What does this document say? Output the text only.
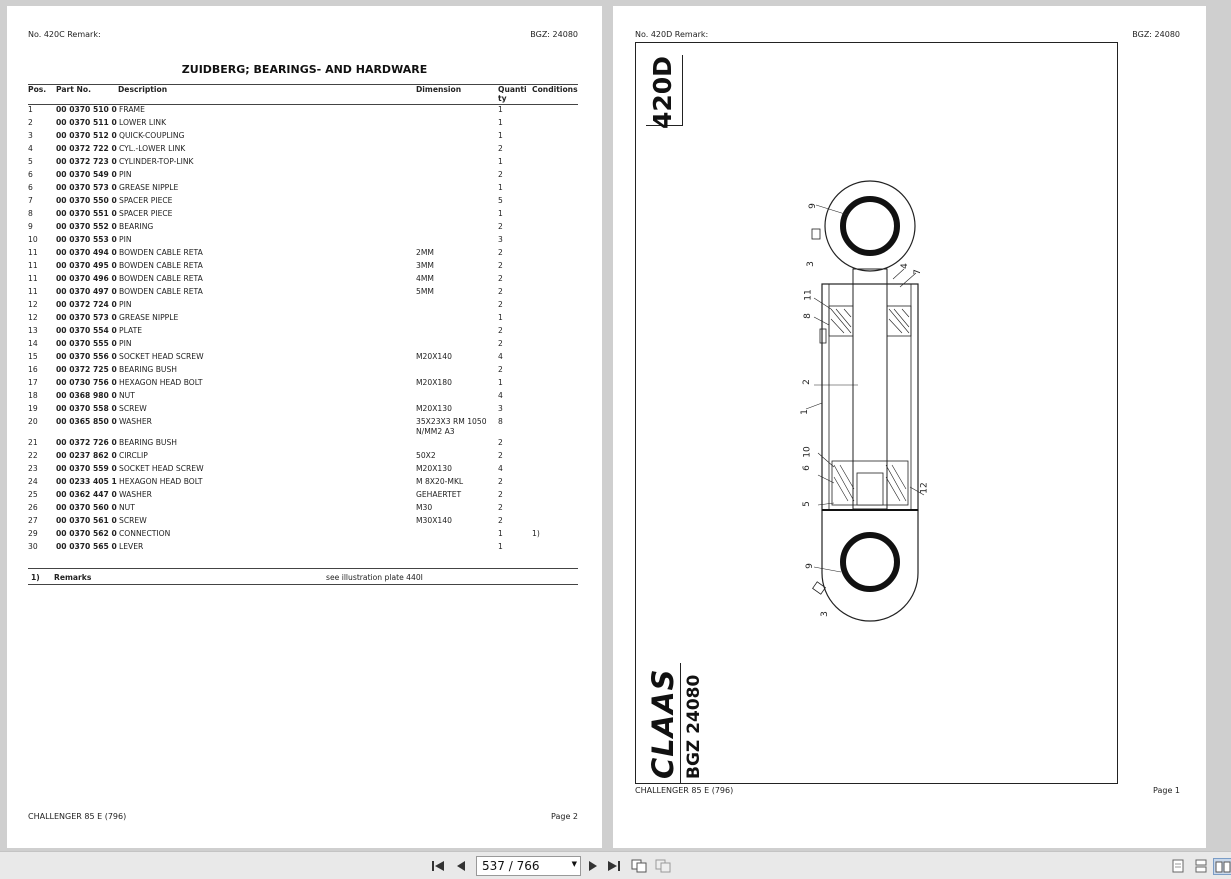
No. 420C Remark:	BGZ: 24080
ZUIDBERG; BEARINGS- AND HARDWARE
Pos.	Part No.	Description	Dimension	Quanti ty	Conditions
1	00 0370 510 0	FRAME		1	
2	00 0370 511 0	LOWER LINK		1	
3	00 0370 512 0	QUICK-COUPLING		1	
4	00 0372 722 0	CYL.-LOWER LINK		2	
5	00 0372 723 0	CYLINDER-TOP-LINK		1	
6	00 0370 549 0	PIN		2	
6	00 0370 573 0	GREASE NIPPLE		1	
7	00 0370 550 0	SPACER PIECE		5	
8	00 0370 551 0	SPACER PIECE		1	
9	00 0370 552 0	BEARING		2	
10	00 0370 553 0	PIN		3	
11	00 0370 494 0	BOWDEN CABLE RETA	2MM	2	
11	00 0370 495 0	BOWDEN CABLE RETA	3MM	2	
11	00 0370 496 0	BOWDEN CABLE RETA	4MM	2	
11	00 0370 497 0	BOWDEN CABLE RETA	5MM	2	
12	00 0372 724 0	PIN		2	
12	00 0370 573 0	GREASE NIPPLE		1	
13	00 0370 554 0	PLATE		2	
14	00 0370 555 0	PIN		2	
15	00 0370 556 0	SOCKET HEAD SCREW	M20X140	4	
16	00 0372 725 0	BEARING BUSH		2	
17	00 0730 756 0	HEXAGON HEAD BOLT	M20X180	1	
18	00 0368 980 0	NUT		4	
19	00 0370 558 0	SCREW	M20X130	3	
20	00 0365 850 0	WASHER	35X23X3 RM 1050 N/MM2 A3	8	
21	00 0372 726 0	BEARING BUSH		2	
22	00 0237 862 0	CIRCLIP	50X2	2	
23	00 0370 559 0	SOCKET HEAD SCREW	M20X130	4	
24	00 0233 405 1	HEXAGON HEAD BOLT	M 8X20-MKL	2	
25	00 0362 447 0	WASHER	GEHAERTET	2	
26	00 0370 560 0	NUT	M30	2	
27	00 0370 561 0	SCREW	M30X140	2	
29	00 0370 562 0	CONNECTION		1	1)
30	00 0370 565 0	LEVER		1	
1) Remarks	see illustration plate 440I
CHALLENGER 85 E (796)	Page 2
No. 420D Remark:	BGZ: 24080
420D
CLAAS BGZ 24080
9
3	4
7
11
8
2
1
10
6
5
12
9
3
CHALLENGER 85 E (796)	Page 1
537 / 766	▼
